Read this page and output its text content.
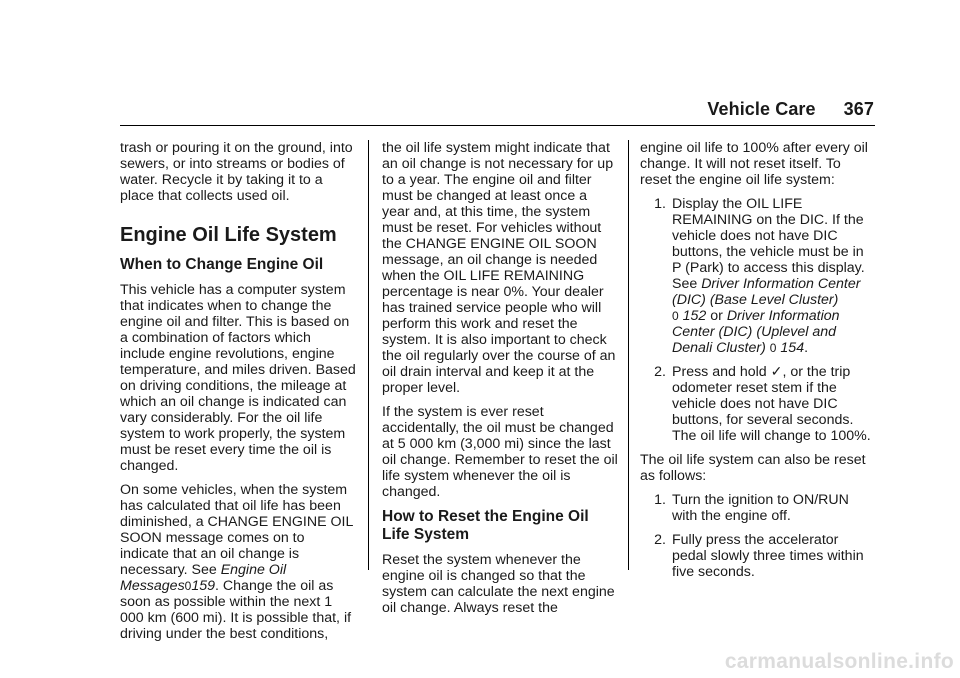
Vehicle Care 367

trash or pouring it on the ground, into sewers, or into streams or bodies of water. Recycle it by taking it to a place that collects used oil.

Engine Oil Life System
When to Change Engine Oil

This vehicle has a computer system that indicates when to change the engine oil and filter. This is based on a combination of factors which include engine revolutions, engine temperature, and miles driven. Based on driving conditions, the mileage at which an oil change is indicated can vary considerably. For the oil life system to work properly, the system must be reset every time the oil is changed.

On some vehicles, when the system has calculated that oil life has been diminished, a CHANGE ENGINE OIL SOON message comes on to indicate that an oil change is necessary. See Engine Oil Messages0159. Change the oil as soon as possible within the next 1 000 km (600 mi). It is possible that, if driving under the best conditions,

the oil life system might indicate that an oil change is not necessary for up to a year. The engine oil and filter must be changed at least once a year and, at this time, the system must be reset. For vehicles without the CHANGE ENGINE OIL SOON message, an oil change is needed when the OIL LIFE REMAINING percentage is near 0%. Your dealer has trained service people who will perform this work and reset the system. It is also important to check the oil regularly over the course of an oil drain interval and keep it at the proper level.

If the system is ever reset accidentally, the oil must be changed at 5 000 km (3,000 mi) since the last oil change. Remember to reset the oil life system whenever the oil is changed.

How to Reset the Engine Oil Life System

Reset the system whenever the engine oil is changed so that the system can calculate the next engine oil change. Always reset the

engine oil life to 100% after every oil change. It will not reset itself. To reset the engine oil life system:

1. Display the OIL LIFE REMAINING on the DIC. If the vehicle does not have DIC buttons, the vehicle must be in P (Park) to access this display. See Driver Information Center (DIC) (Base Level Cluster)
0 152 or Driver Information Center (DIC) (Uplevel and Denali Cluster) 0 154.
2. Press and hold ✓, or the trip odometer reset stem if the vehicle does not have DIC buttons, for several seconds. The oil life will change to 100%.

The oil life system can also be reset as follows:

1. Turn the ignition to ON/RUN with the engine off.
2. Fully press the accelerator pedal slowly three times within five seconds.
carmanualsonline.info
